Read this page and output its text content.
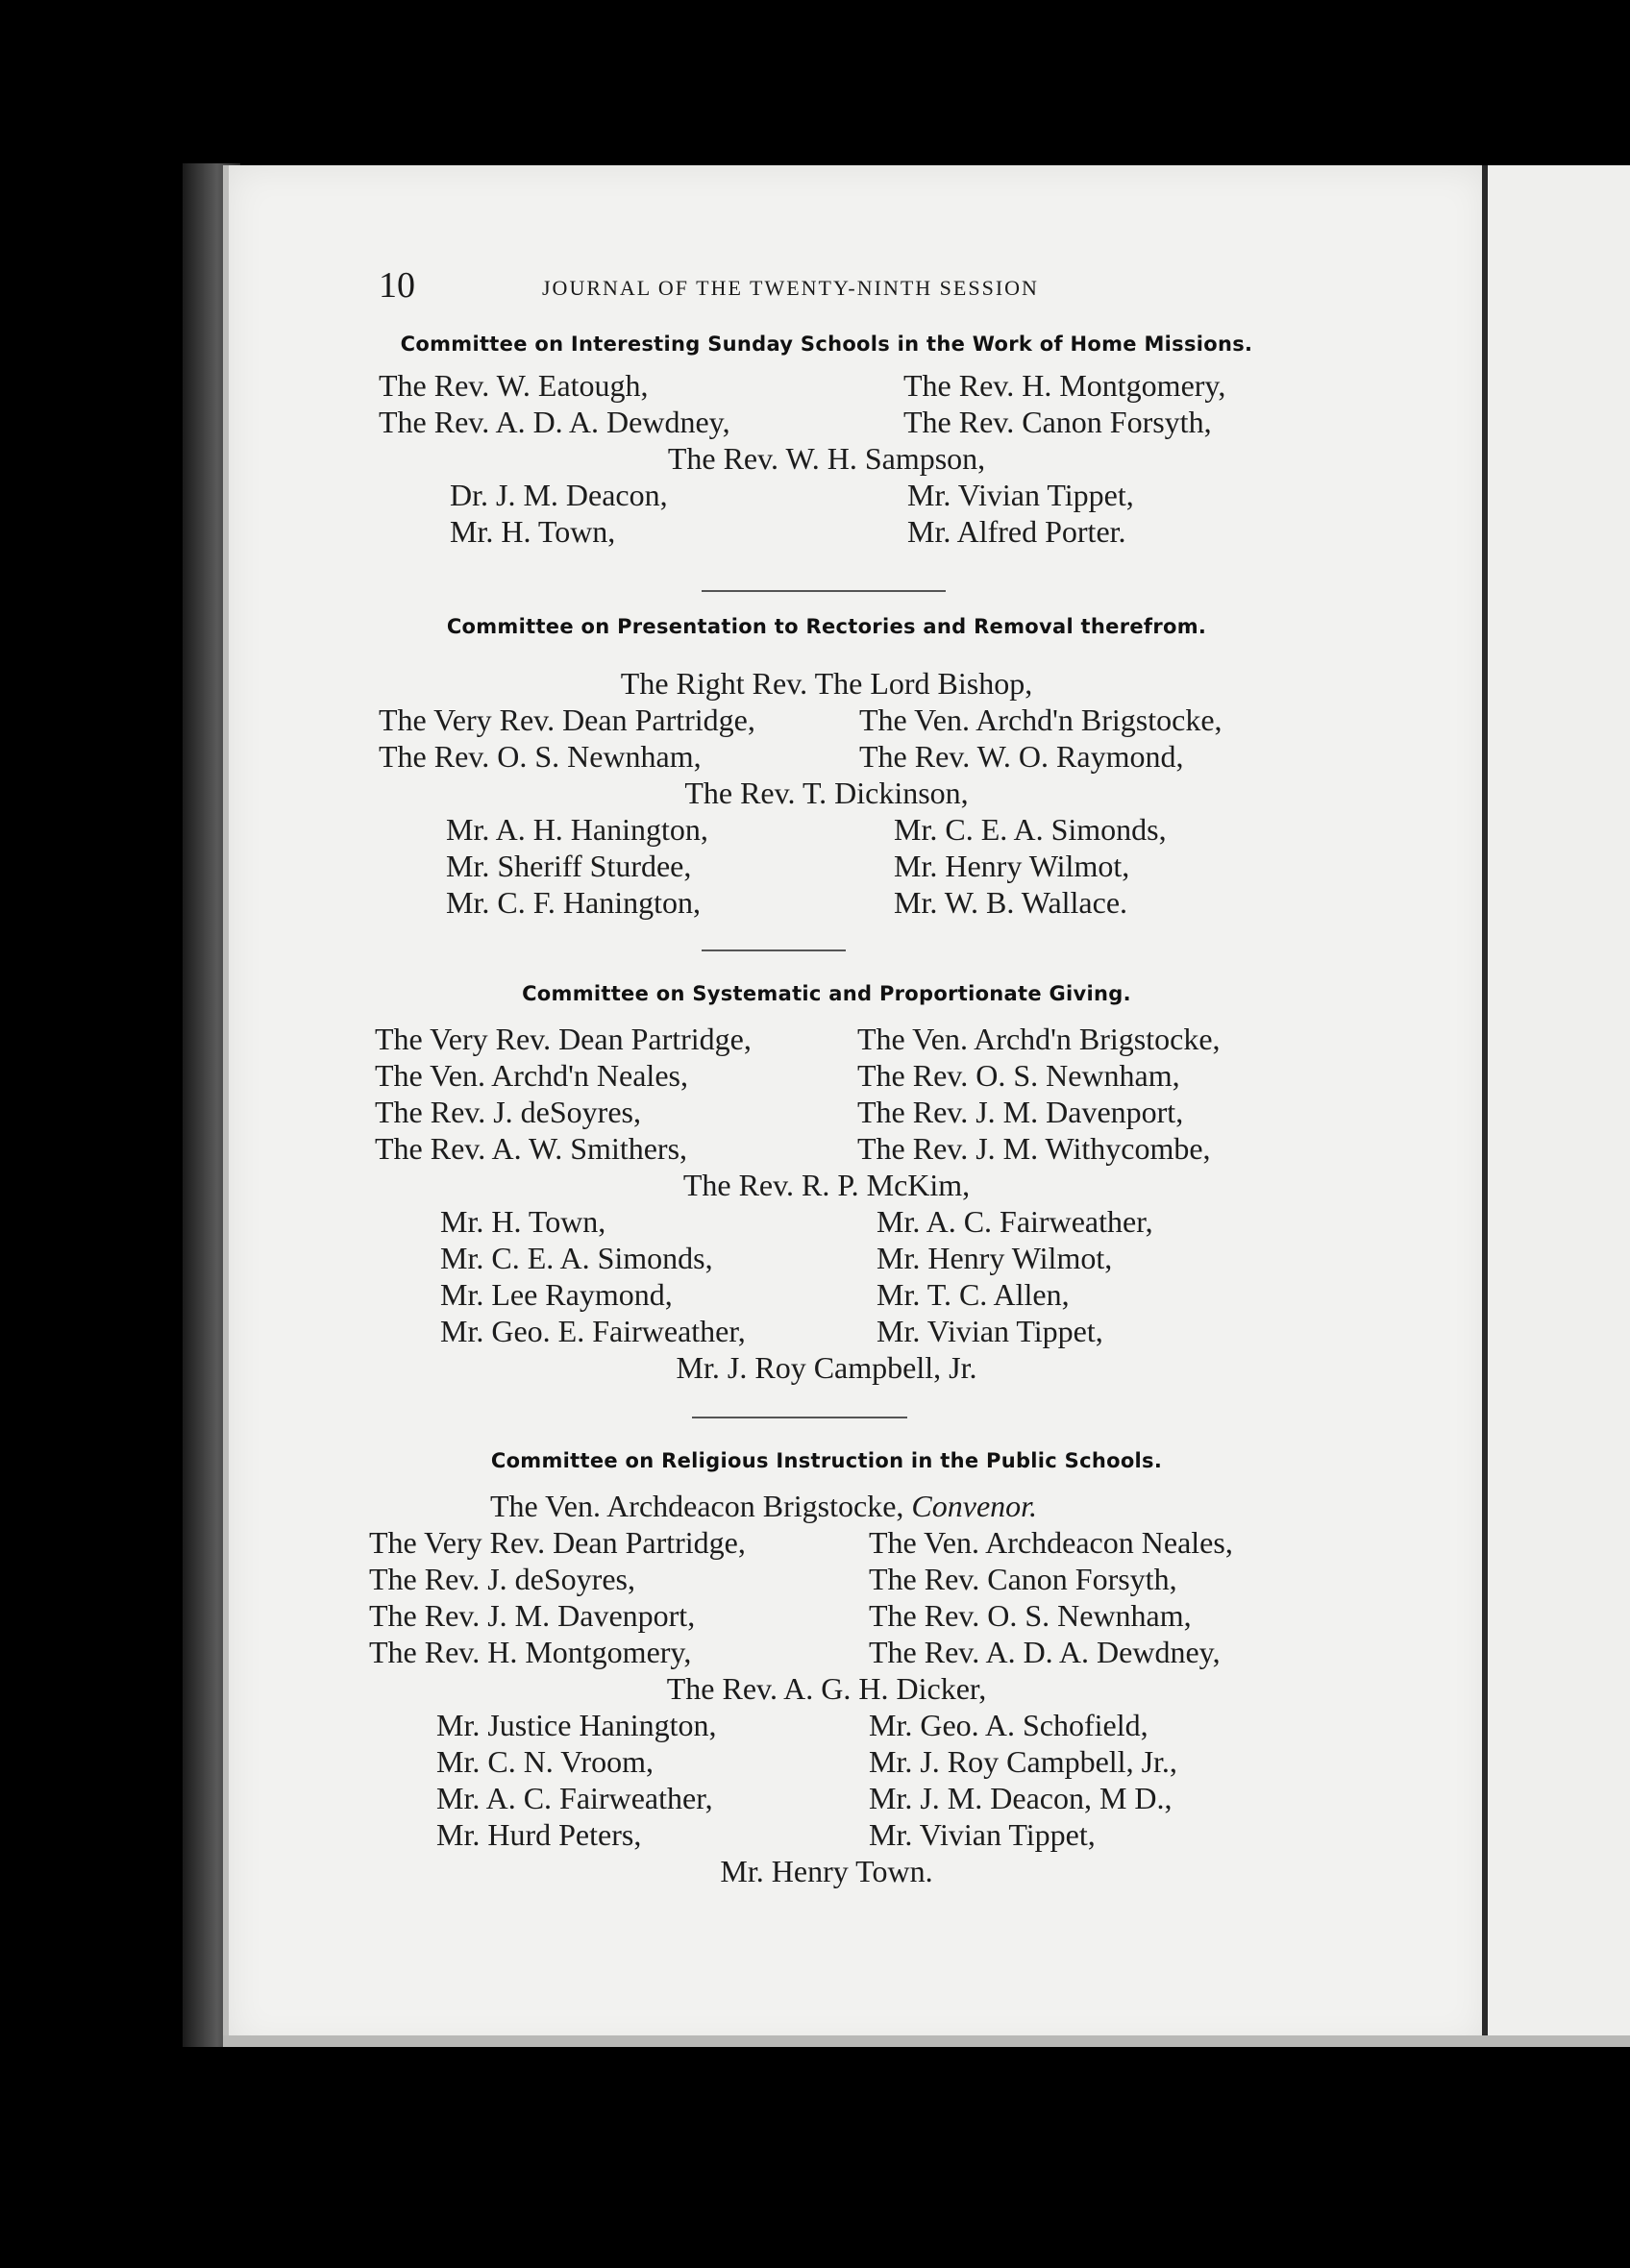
10	JOURNAL OF THE TWENTY-NINTH SESSION
Committee on Interesting Sunday Schools in the Work of Home Missions.
The Rev. W. Eatough,	The Rev. H. Montgomery,
The Rev. A. D. A. Dewdney,	The Rev. Canon Forsyth,
The Rev. W. H. Sampson,
Dr. J. M. Deacon,	Mr. Vivian Tippet,
Mr. H. Town,	Mr. Alfred Porter.
Committee on Presentation to Rectories and Removal therefrom.
The Right Rev. The Lord Bishop,
The Very Rev. Dean Partridge,	The Ven. Archd'n Brigstocke,
The Rev. O. S. Newnham,	The Rev. W. O. Raymond,
The Rev. T. Dickinson,
Mr. A. H. Hanington,	Mr. C. E. A. Simonds,
Mr. Sheriff Sturdee,	Mr. Henry Wilmot,
Mr. C. F. Hanington,	Mr. W. B. Wallace.
Committee on Systematic and Proportionate Giving.
The Very Rev. Dean Partridge,	The Ven. Archd'n Brigstocke,
The Ven. Archd'n Neales,	The Rev. O. S. Newnham,
The Rev. J. deSoyres,	The Rev. J. M. Davenport,
The Rev. A. W. Smithers,	The Rev. J. M. Withycombe,
The Rev. R. P. McKim,
Mr. H. Town,	Mr. A. C. Fairweather,
Mr. C. E. A. Simonds,	Mr. Henry Wilmot,
Mr. Lee Raymond,	Mr. T. C. Allen,
Mr. Geo. E. Fairweather,	Mr. Vivian Tippet,
Mr. J. Roy Campbell, Jr.
Committee on Religious Instruction in the Public Schools.
The Ven. Archdeacon Brigstocke, Convenor.
The Very Rev. Dean Partridge,	The Ven. Archdeacon Neales,
The Rev. J. deSoyres,	The Rev. Canon Forsyth,
The Rev. J. M. Davenport,	The Rev. O. S. Newnham,
The Rev. H. Montgomery,	The Rev. A. D. A. Dewdney,
The Rev. A. G. H. Dicker,
Mr. Justice Hanington,	Mr. Geo. A. Schofield,
Mr. C. N. Vroom,	Mr. J. Roy Campbell, Jr.,
Mr. A. C. Fairweather,	Mr. J. M. Deacon, M D.,
Mr. Hurd Peters,	Mr. Vivian Tippet,
Mr. Henry Town.
